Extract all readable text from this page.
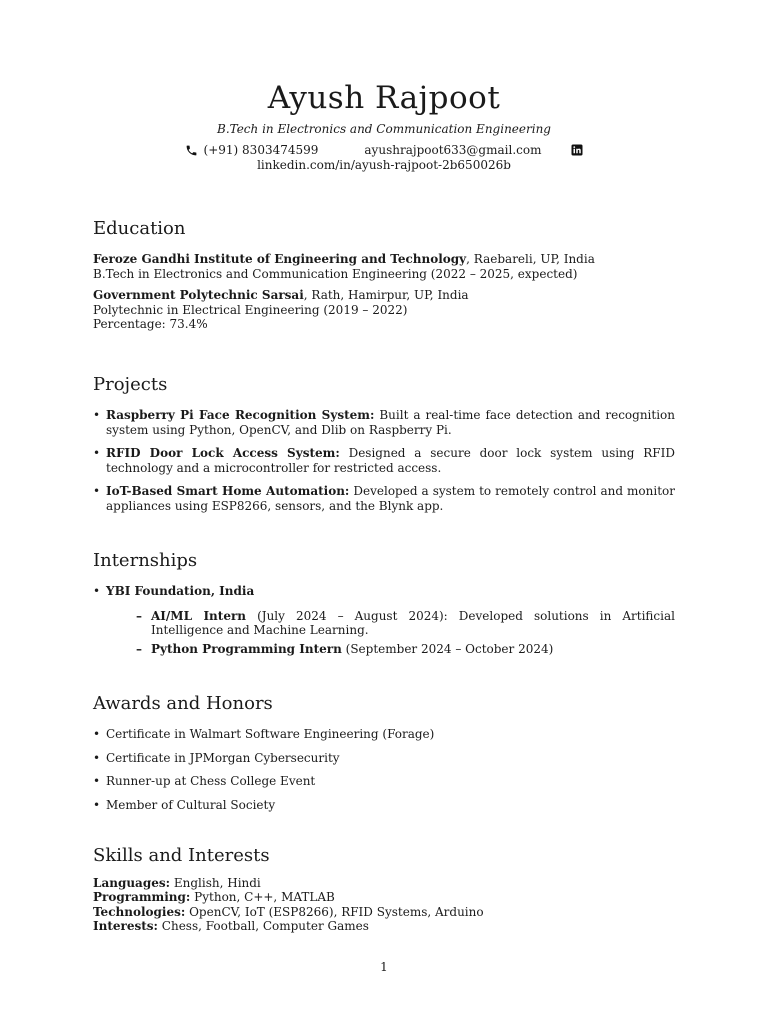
Ayush Rajpoot
B.Tech in Electronics and Communication Engineering
(+91) 8303474599	ayushrajpoot633@gmail.com
linkedin.com/in/ayush-rajpoot-2b650026b
Education
Feroze Gandhi Institute of Engineering and Technology, Raebareli, UP, India
B.Tech in Electronics and Communication Engineering (2022 – 2025, expected)
Government Polytechnic Sarsai, Rath, Hamirpur, UP, India
Polytechnic in Electrical Engineering (2019 – 2022)
Percentage: 73.4%
Projects
• Raspberry Pi Face Recognition System: Built a real-time face detection and recognition system using Python, OpenCV, and Dlib on Raspberry Pi.
• RFID Door Lock Access System: Designed a secure door lock system using RFID technology and a microcontroller for restricted access.
• IoT-Based Smart Home Automation: Developed a system to remotely control and monitor appliances using ESP8266, sensors, and the Blynk app.
Internships
• YBI Foundation, India
– AI/ML Intern (July 2024 – August 2024): Developed solutions in Artificial Intelligence and Machine Learning.
– Python Programming Intern (September 2024 – October 2024)
Awards and Honors
• Certificate in Walmart Software Engineering (Forage)
• Certificate in JPMorgan Cybersecurity
• Runner-up at Chess College Event
• Member of Cultural Society
Skills and Interests
Languages: English, Hindi
Programming: Python, C++, MATLAB
Technologies: OpenCV, IoT (ESP8266), RFID Systems, Arduino
Interests: Chess, Football, Computer Games
1
